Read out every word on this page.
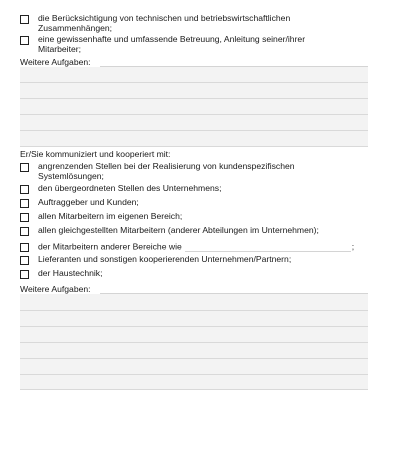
die Berücksichtigung von technischen und betriebswirtschaftlichen Zusammenhängen;
eine gewissenhafte und umfassende Betreuung, Anleitung seiner/ihrer Mitarbeiter;
Weitere Aufgaben:
Er/Sie kommuniziert und kooperiert mit:
angrenzenden Stellen bei der Realisierung von kundenspezifischen Systemlösungen;
den übergeordneten Stellen des Unternehmens;
Auftraggeber und Kunden;
allen Mitarbeitern im eigenen Bereich;
allen gleichgestellten Mitarbeitern (anderer Abteilungen im Unternehmen);
der Mitarbeitern anderer Bereiche wie	;
Lieferanten und sonstigen kooperierenden Unternehmen/Partnern;
der Haustechnik;
Weitere Aufgaben:
